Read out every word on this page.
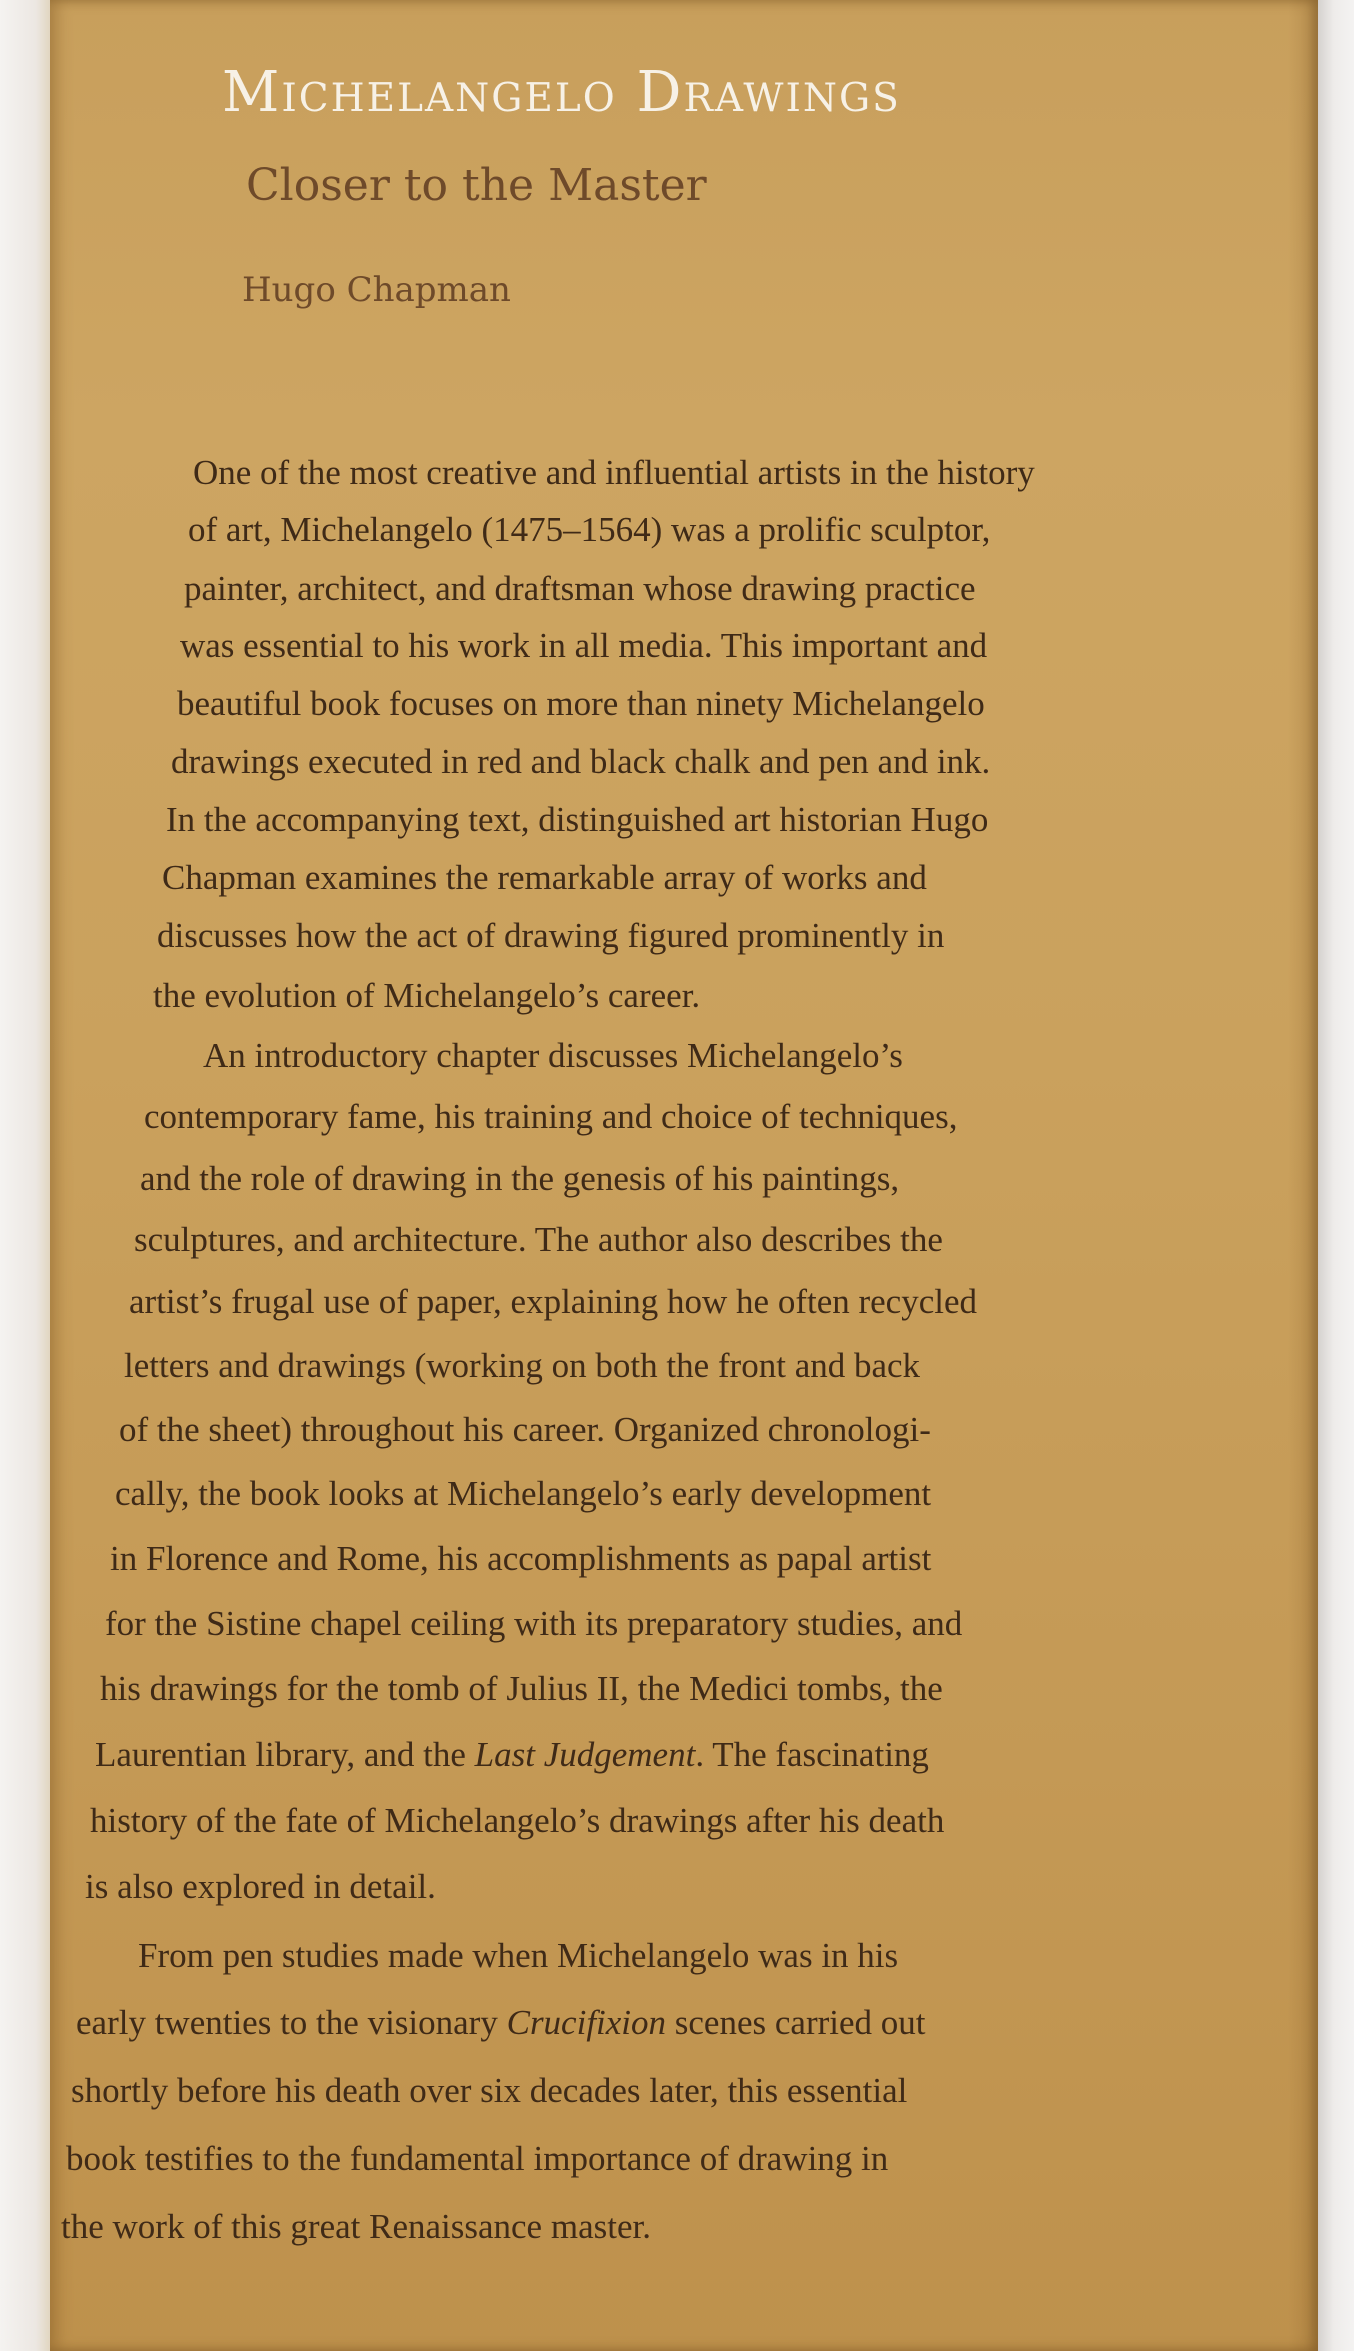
Michelangelo Drawings
Closer to the Master
Hugo Chapman
One of the most creative and influential artists in the history
of art, Michelangelo (1475–1564) was a prolific sculptor,
painter, architect, and draftsman whose drawing practice
was essential to his work in all media. This important and
beautiful book focuses on more than ninety Michelangelo
drawings executed in red and black chalk and pen and ink.
In the accompanying text, distinguished art historian Hugo
Chapman examines the remarkable array of works and
discusses how the act of drawing figured prominently in
the evolution of Michelangelo’s career.
An introductory chapter discusses Michelangelo’s
contemporary fame, his training and choice of techniques,
and the role of drawing in the genesis of his paintings,
sculptures, and architecture. The author also describes the
artist’s frugal use of paper, explaining how he often recycled
letters and drawings (working on both the front and back
of the sheet) throughout his career. Organized chronologi-
cally, the book looks at Michelangelo’s early development
in Florence and Rome, his accomplishments as papal artist
for the Sistine chapel ceiling with its preparatory studies, and
his drawings for the tomb of Julius II, the Medici tombs, the
Laurentian library, and the Last Judgement. The fascinating
history of the fate of Michelangelo’s drawings after his death
is also explored in detail.
From pen studies made when Michelangelo was in his
early twenties to the visionary Crucifixion scenes carried out
shortly before his death over six decades later, this essential
book testifies to the fundamental importance of drawing in
the work of this great Renaissance master.
